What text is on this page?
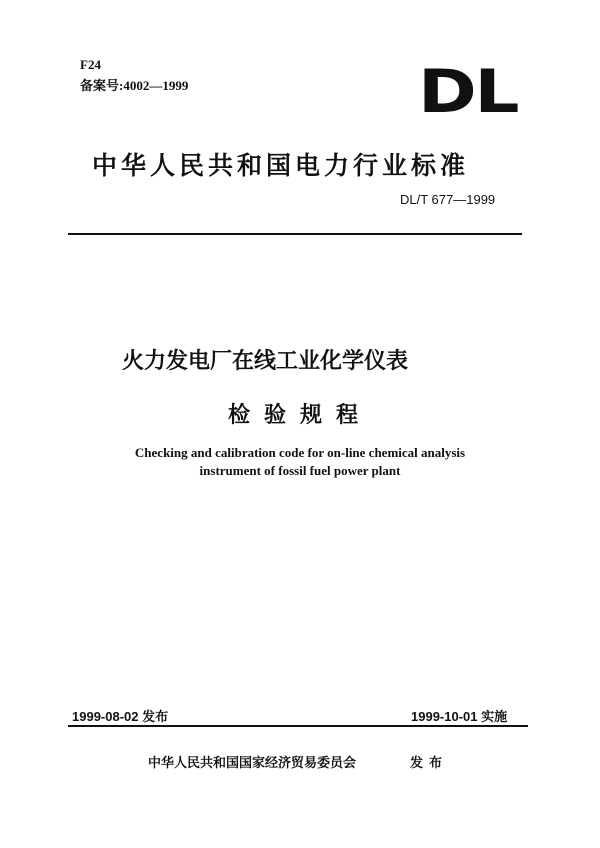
F24
备案号:4002—1999	DL
中华人民共和国电力行业标准
DL/T 677—1999
火力发电厂在线工业化学仪表
检验规程
Checking and calibration code for on-line chemical analysis
instrument of fossil fuel power plant
1999-08-02 发布	1999-10-01 实施
中华人民共和国国家经济贸易委员会	发布
